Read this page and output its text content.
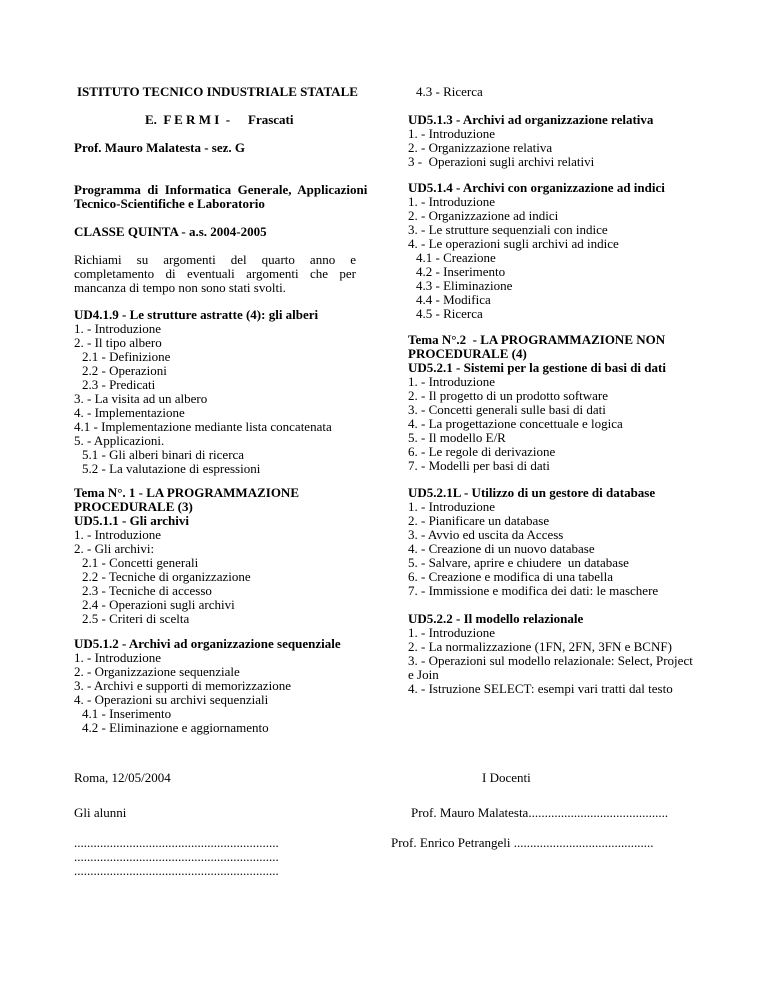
ISTITUTO TECNICO INDUSTRIALE STATALE
E.  F E R M I  - Frascati
Prof. Mauro Malatesta - sez. G
Programma  di  Informatica  Generale,  Applicazioni
Tecnico-Scientifiche e Laboratorio
CLASSE QUINTA - a.s. 2004-2005
Richiami    su    argomenti    del    quarto    anno    e
completamento  di  eventuali  argomenti  che  per
mancanza di tempo non sono stati svolti.
UD4.1.9 - Le strutture astratte (4): gli alberi
1. - Introduzione
2. - Il tipo albero
2.1 - Definizione
2.2 - Operazioni
2.3 - Predicati
3. - La visita ad un albero
4. - Implementazione
4.1 - Implementazione mediante lista concatenata
5. - Applicazioni.
5.1 - Gli alberi binari di ricerca
5.2 - La valutazione di espressioni
Tema N°. 1 - LA PROGRAMMAZIONE
PROCEDURALE (3)
UD5.1.1 - Gli archivi
1. - Introduzione
2. - Gli archivi:
2.1 - Concetti generali
2.2 - Tecniche di organizzazione
2.3 - Tecniche di accesso
2.4 - Operazioni sugli archivi
2.5 - Criteri di scelta
UD5.1.2 - Archivi ad organizzazione sequenziale
1. - Introduzione
2. - Organizzazione sequenziale
3. - Archivi e supporti di memorizzazione
4. - Operazioni su archivi sequenziali
4.1 - Inserimento
4.2 - Eliminazione e aggiornamento
4.3 - Ricerca
UD5.1.3 - Archivi ad organizzazione relativa
1. - Introduzione
2. - Organizzazione relativa
3 -  Operazioni sugli archivi relativi
UD5.1.4 - Archivi con organizzazione ad indici
1. - Introduzione
2. - Organizzazione ad indici
3. - Le strutture sequenziali con indice
4. - Le operazioni sugli archivi ad indice
4.1 - Creazione
4.2 - Inserimento
4.3 - Eliminazione
4.4 - Modifica
4.5 - Ricerca
Tema N°.2  - LA PROGRAMMAZIONE NON
PROCEDURALE (4)
UD5.2.1 - Sistemi per la gestione di basi di dati
1. - Introduzione
2. - Il progetto di un prodotto software
3. - Concetti generali sulle basi di dati
4. - La progettazione concettuale e logica
5. - Il modello E/R
6. - Le regole di derivazione
7. - Modelli per basi di dati
UD5.2.1L - Utilizzo di un gestore di database
1. - Introduzione
2. - Pianificare un database
3. - Avvio ed uscita da Access
4. - Creazione di un nuovo database
5. - Salvare, aprire e chiudere  un database
6. - Creazione e modifica di una tabella
7. - Immissione e modifica dei dati: le maschere
UD5.2.2 - Il modello relazionale
1. - Introduzione
2. - La normalizzazione (1FN, 2FN, 3FN e BCNF)
3. - Operazioni sul modello relazionale: Select, Project
e Join
4. - Istruzione SELECT: esempi vari tratti dal testo
Roma, 12/05/2004	I Docenti
Gli alunni	Prof. Mauro Malatesta...........................................
Prof. Enrico Petrangeli ...........................................
...............................................................
...............................................................
...............................................................
